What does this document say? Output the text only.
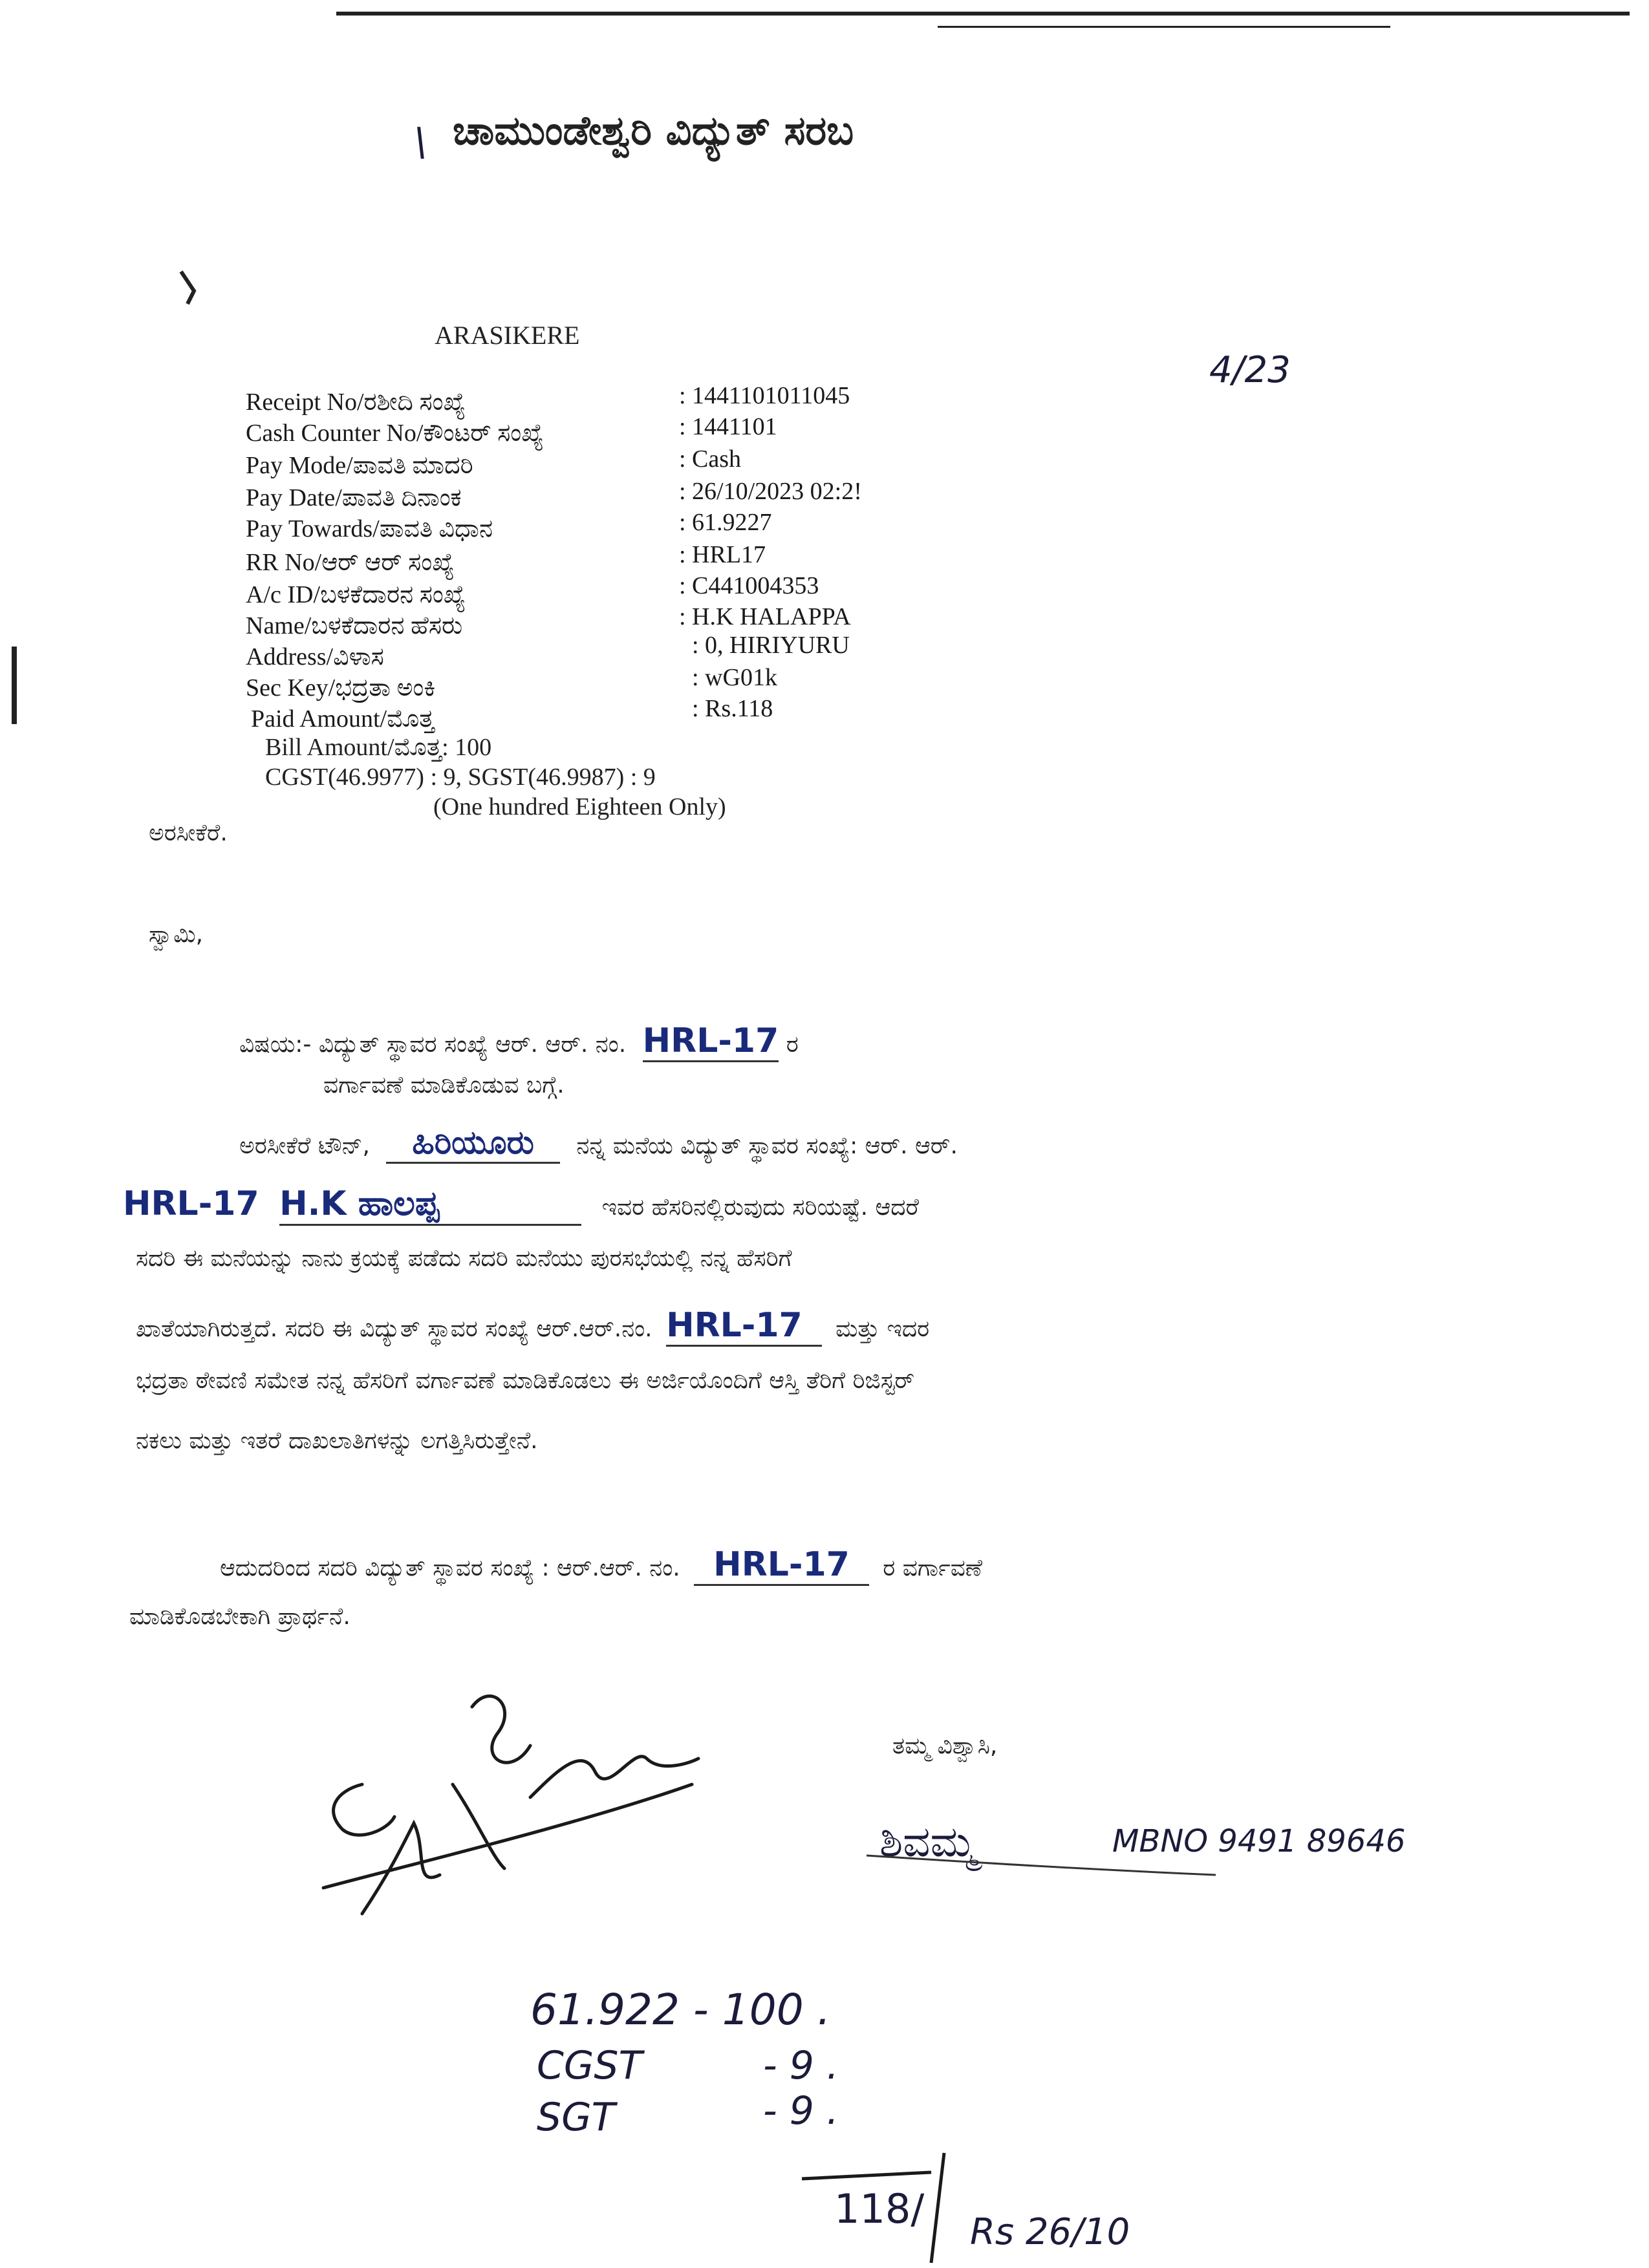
ಚಾಮುಂಡೇಶ್ವರಿ ವಿದ್ಯುತ್ ಸರಬ
\
ARASIKERE
4/23
Receipt No/ರಶೀದಿ ಸಂಖ್ಯೆ	: 1441101011045
Cash Counter No/ಕೌಂಟರ್ ಸಂಖ್ಯೆ	: 1441101
Pay Mode/ಪಾವತಿ ಮಾದರಿ	: Cash
Pay Date/ಪಾವತಿ ದಿನಾಂಕ	: 26/10/2023 02:2!
Pay Towards/ಪಾವತಿ ವಿಧಾನ	: 61.9227
RR No/ಆರ್ ಆರ್ ಸಂಖ್ಯೆ	: HRL17
A/c ID/ಬಳಕೆದಾರನ ಸಂಖ್ಯೆ	: C441004353
Name/ಬಳಕೆದಾರನ ಹೆಸರು	: H.K HALAPPA
Address/ವಿಳಾಸ	: 0, HIRIYURU
Sec Key/ಭದ್ರತಾ ಅಂಕಿ	: wG01k
Paid Amount/ಮೊತ್ತ	: Rs.118
Bill Amount/ಮೊತ್ತ: 100
CGST(46.9977) : 9, SGST(46.9987) : 9
(One hundred Eighteen Only)
ಅರಸೀಕೆರೆ.
ಸ್ವಾಮಿ,
ವಿಷಯ:- ವಿದ್ಯುತ್ ಸ್ಥಾವರ ಸಂಖ್ಯೆ ಆರ್. ಆರ್. ನಂ. HRL-17 ರ
ವರ್ಗಾವಣೆ ಮಾಡಿಕೊಡುವ ಬಗ್ಗೆ.
ಅರಸೀಕೆರೆ ಟೌನ್, ಹಿರಿಯೂರು ನನ್ನ ಮನೆಯ ವಿದ್ಯುತ್ ಸ್ಥಾವರ ಸಂಖ್ಯೆ: ಆರ್. ಆರ್.
HRL-17 H.K ಹಾಲಪ್ಪ	ಇವರ ಹೆಸರಿನಲ್ಲಿರುವುದು ಸರಿಯಷ್ಟೆ. ಆದರೆ
ಸದರಿ ಈ ಮನೆಯನ್ನು ನಾನು ಕ್ರಯಕ್ಕೆ ಪಡೆದು ಸದರಿ ಮನೆಯು ಪುರಸಭೆಯಲ್ಲಿ ನನ್ನ ಹೆಸರಿಗೆ
ಖಾತೆಯಾಗಿರುತ್ತದೆ. ಸದರಿ ಈ ವಿದ್ಯುತ್ ಸ್ಥಾವರ ಸಂಖ್ಯೆ ಆರ್.ಆರ್.ನಂ. HRL-17 ಮತ್ತು ಇದರ
ಭದ್ರತಾ ಠೇವಣಿ ಸಮೇತ ನನ್ನ ಹೆಸರಿಗೆ ವರ್ಗಾವಣೆ ಮಾಡಿಕೊಡಲು ಈ ಅರ್ಜಿಯೊಂದಿಗೆ ಆಸ್ತಿ ತೆರಿಗೆ ರಿಜಿಸ್ಟರ್
ನಕಲು ಮತ್ತು ಇತರೆ ದಾಖಲಾತಿಗಳನ್ನು ಲಗತ್ತಿಸಿರುತ್ತೇನೆ.
ಆದುದರಿಂದ ಸದರಿ ವಿದ್ಯುತ್ ಸ್ಥಾವರ ಸಂಖ್ಯೆ : ಆರ್.ಆರ್. ನಂ. HRL-17 ರ ವರ್ಗಾವಣೆ
ಮಾಡಿಕೊಡಬೇಕಾಗಿ ಪ್ರಾರ್ಥನೆ.
ತಮ್ಮ ವಿಶ್ವಾಸಿ,
ಶಿವಮ್ಮ	MBNO 9491 89646
61.922 - 100 .
CGST	- 9 .
SGT	- 9 .
118/ Rs 26/10
